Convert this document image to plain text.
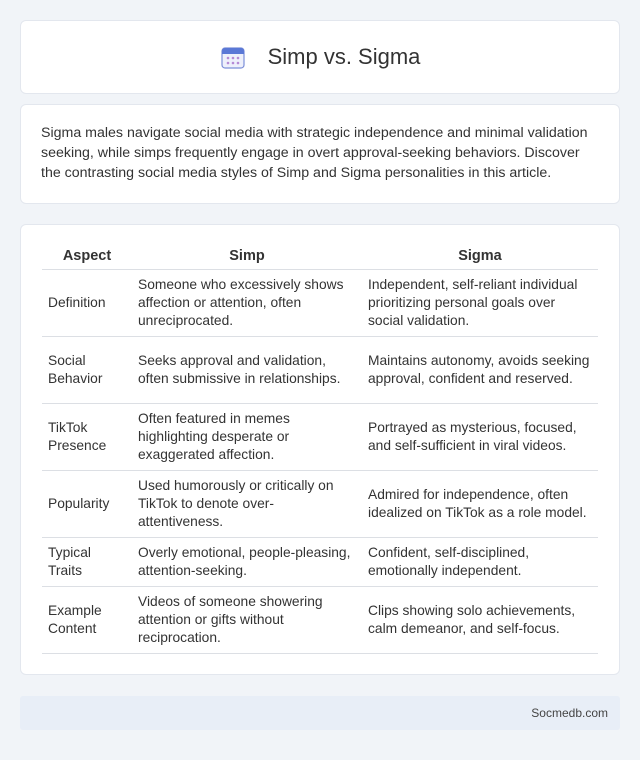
Simp vs. Sigma

Sigma males navigate social media with strategic independence and minimal validation seeking, while simps frequently engage in overt approval-seeking behaviors. Discover the contrasting social media styles of Simp and Sigma personalities in this article.

Aspect	Simp	Sigma
Definition	Someone who excessively shows affection or attention, often unreciprocated.	Independent, self-reliant individual prioritizing personal goals over social validation.
Social Behavior	Seeks approval and validation, often submissive in relationships.	Maintains autonomy, avoids seeking approval, confident and reserved.
TikTok Presence	Often featured in memes highlighting desperate or exaggerated affection.	Portrayed as mysterious, focused, and self-sufficient in viral videos.
Popularity	Used humorously or critically on TikTok to denote over-attentiveness.	Admired for independence, often idealized on TikTok as a role model.
Typical Traits	Overly emotional, people-pleasing, attention-seeking.	Confident, self-disciplined, emotionally independent.
Example Content	Videos of someone showering attention or gifts without reciprocation.	Clips showing solo achievements, calm demeanor, and self-focus.
Socmedb.com
